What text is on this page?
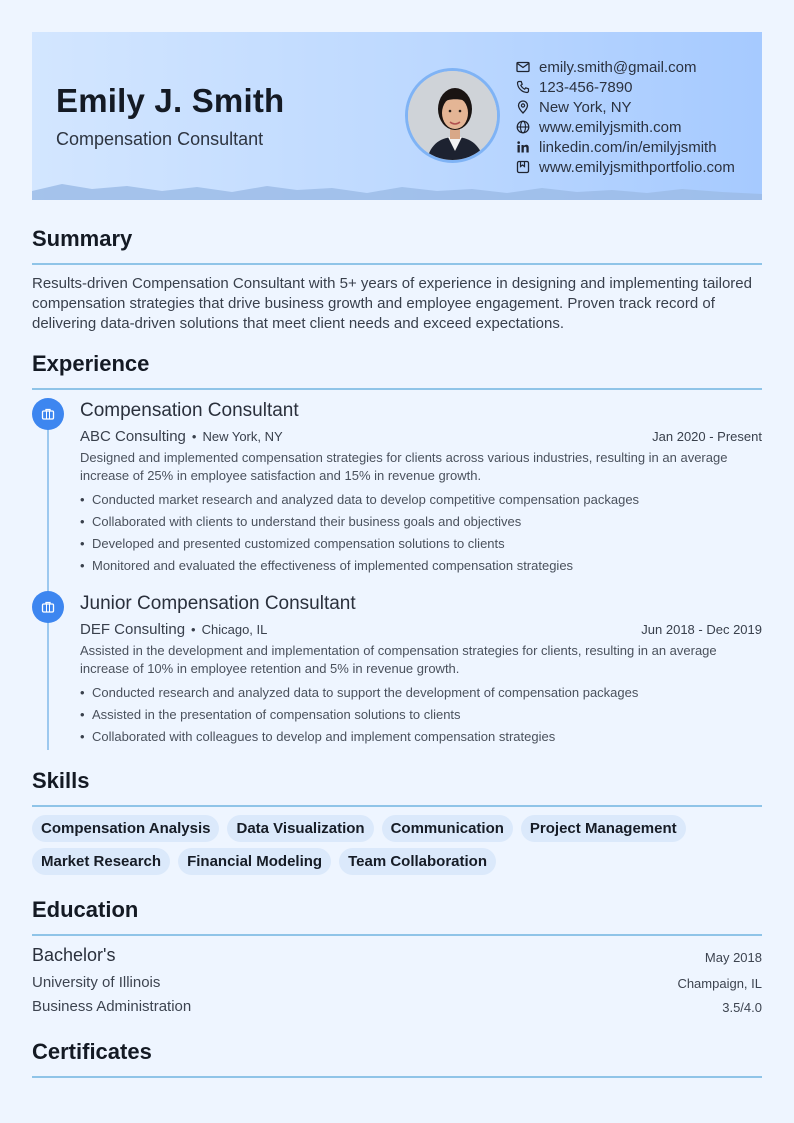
Emily J. Smith
Compensation Consultant
emily.smith@gmail.com
123-456-7890
New York, NY
www.emilyjsmith.com
linkedin.com/in/emilyjsmith
www.emilyjsmithportfolio.com
Summary
Results-driven Compensation Consultant with 5+ years of experience in designing and implementing tailored compensation strategies that drive business growth and employee engagement. Proven track record of delivering data-driven solutions that meet client needs and exceed expectations.
Experience
Compensation Consultant
ABC Consulting • New York, NY	Jan 2020 - Present
Designed and implemented compensation strategies for clients across various industries, resulting in an average increase of 25% in employee satisfaction and 15% in revenue growth.
• Conducted market research and analyzed data to develop competitive compensation packages
• Collaborated with clients to understand their business goals and objectives
• Developed and presented customized compensation solutions to clients
• Monitored and evaluated the effectiveness of implemented compensation strategies
Junior Compensation Consultant
DEF Consulting • Chicago, IL	Jun 2018 - Dec 2019
Assisted in the development and implementation of compensation strategies for clients, resulting in an average increase of 10% in employee retention and 5% in revenue growth.
• Conducted research and analyzed data to support the development of compensation packages
• Assisted in the presentation of compensation solutions to clients
• Collaborated with colleagues to develop and implement compensation strategies
Skills
Compensation Analysis	Data Visualization	Communication	Project Management
Market Research	Financial Modeling	Team Collaboration
Education
Bachelor's	May 2018
University of Illinois	Champaign, IL
Business Administration	3.5/4.0
Certificates
